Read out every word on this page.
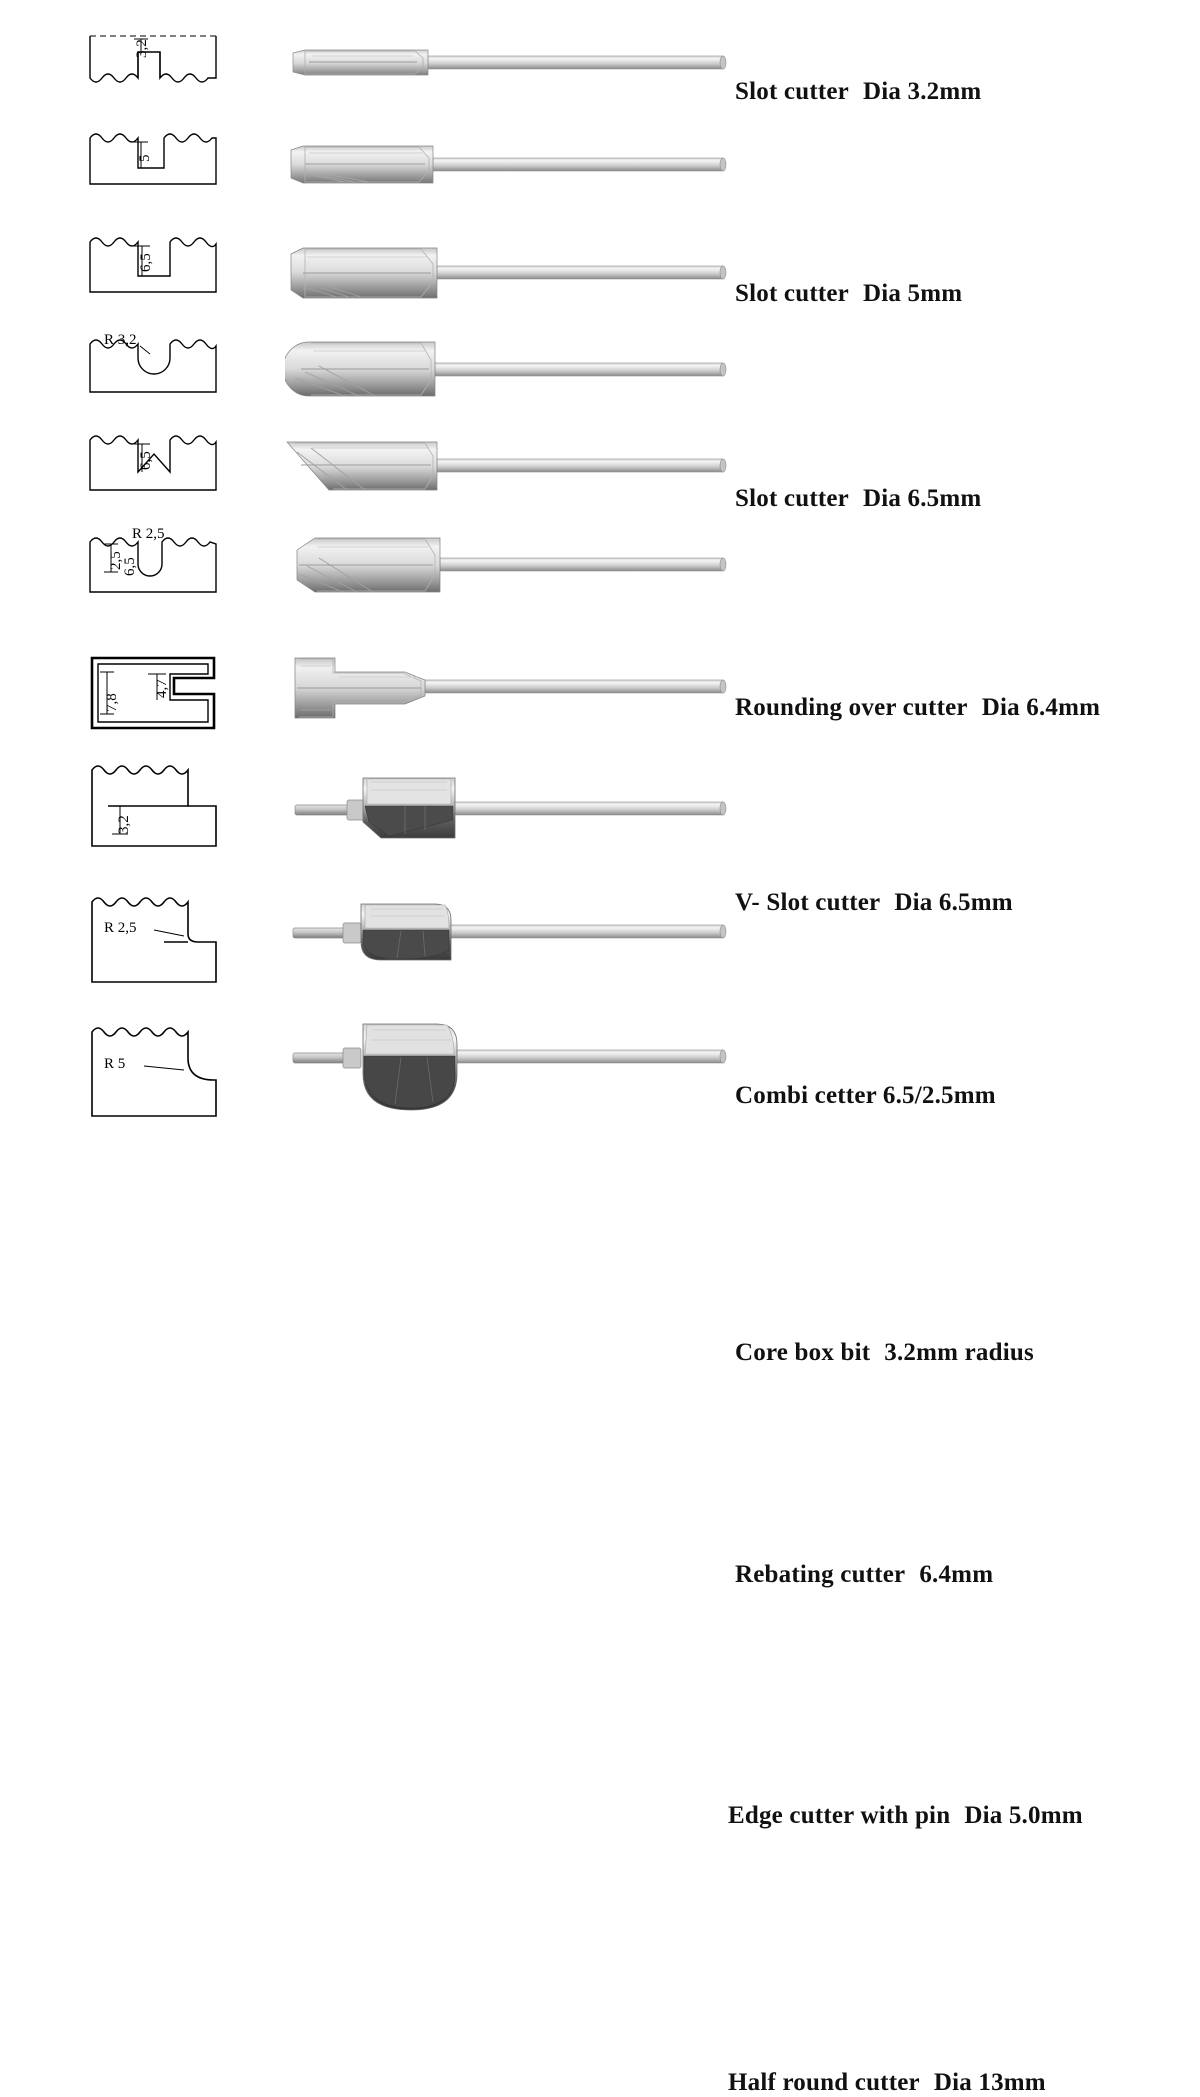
3,2
Slot cutter Dia 3.2mm
5
Slot cutter Dia 5mm
6,5
Slot cutter Dia 6.5mm
R 3,2
Rounding over cutter Dia 6.4mm
6,5
V- Slot cutter Dia 6.5mm
R 2,5
2,5
6,5
Combi cetter 6.5/2.5mm
7,8
4,7
Core box bit 3.2mm radius
3,2
Rebating cutter 6.4mm
R 2,5
Edge cutter with pin Dia 5.0mm
R 5
Half round cutter Dia 13mm
